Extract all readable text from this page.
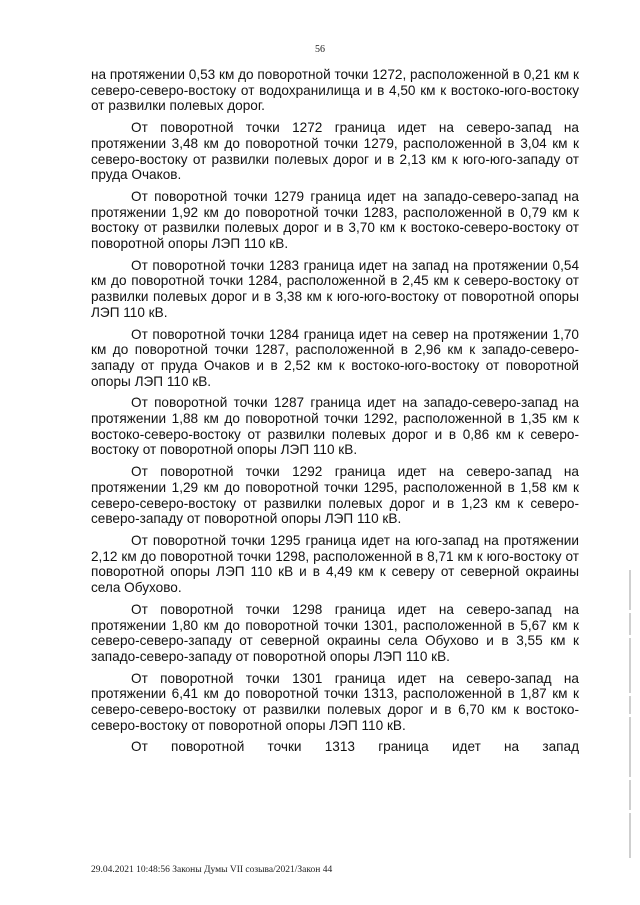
56

на протяжении 0,53 км до поворотной точки 1272, расположенной в 0,21 км к северо-северо-востоку от водохранилища и в 4,50 км к востоко-юго-востоку от развилки полевых дорог.

От поворотной точки 1272 граница идет на северо-запад на протяжении 3,48 км до поворотной точки 1279, расположенной в 3,04 км к северо-востоку от развилки полевых дорог и в 2,13 км к юго-юго-западу от пруда Очаков.

От поворотной точки 1279 граница идет на западо-северо-запад на протяжении 1,92 км до поворотной точки 1283, расположенной в 0,79 км к востоку от развилки полевых дорог и в 3,70 км к востоко-северо-востоку от поворотной опоры ЛЭП 110 кВ.

От поворотной точки 1283 граница идет на запад на протяжении 0,54 км до поворотной точки 1284, расположенной в 2,45 км к северо-востоку от развилки полевых дорог и в 3,38 км к юго-юго-востоку от поворотной опоры ЛЭП 110 кВ.

От поворотной точки 1284 граница идет на север на протяжении 1,70 км до поворотной точки 1287, расположенной в 2,96 км к западо-северо-западу от пруда Очаков и в 2,52 км к востоко-юго-востоку от поворотной опоры ЛЭП 110 кВ.

От поворотной точки 1287 граница идет на западо-северо-запад на протяжении 1,88 км до поворотной точки 1292, расположенной в 1,35 км к востоко-северо-востоку от развилки полевых дорог и в 0,86 км к северо-востоку от поворотной опоры ЛЭП 110 кВ.

От поворотной точки 1292 граница идет на северо-запад на протяжении 1,29 км до поворотной точки 1295, расположенной в 1,58 км к северо-северо-востоку от развилки полевых дорог и в 1,23 км к северо-северо-западу от поворотной опоры ЛЭП 110 кВ.

От поворотной точки 1295 граница идет на юго-запад на протяжении 2,12 км до поворотной точки 1298, расположенной в 8,71 км к юго-востоку от поворотной опоры ЛЭП 110 кВ и в 4,49 км к северу от северной окраины села Обухово.

От поворотной точки 1298 граница идет на северо-запад на протяжении 1,80 км до поворотной точки 1301, расположенной в 5,67 км к северо-северо-западу от северной окраины села Обухово и в 3,55 км к западо-северо-западу от поворотной опоры ЛЭП 110 кВ.

От поворотной точки 1301 граница идет на северо-запад на протяжении 6,41 км до поворотной точки 1313, расположенной в 1,87 км к северо-северо-востоку от развилки полевых дорог и в 6,70 км к востоко-северо-востоку от поворотной опоры ЛЭП 110 кВ.

От поворотной точки 1313 граница идет на запад

29.04.2021 10:48:56 Законы Думы VII созыва/2021/Закон 44
